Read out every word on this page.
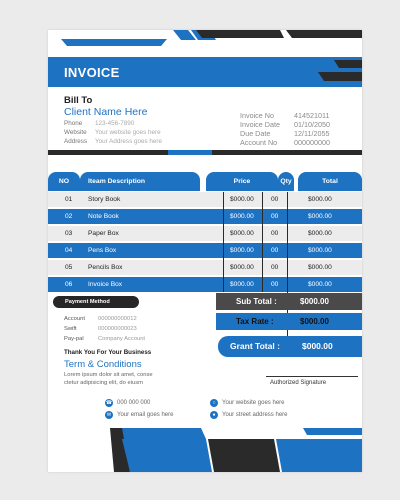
INVOICE
Bill To
Client Name Here
Phone 123-456-7890
Website Your website goes here
Address Your Address goes here
Invoice No	414521011
Invoice Date 01/10/2050
Due Date	12/11/2055
Account No 000000000
NO	Iteam Description	Price	Qty	Total
01 Story Book	$000.00	00	$000.00
02 Note Book	$000.00	00	$000.00
03 Paper Box	$000.00	00	$000.00
04 Pens Box	$000.00	00	$000.00
05 Pencils Box	$000.00	00	$000.00
06 Invoice Box	$000.00	00	$000.00
Payment Method
Account 000000000012
Swift	000000000023
Pay-pal Company Account
Thank You For Your Business
Term & Conditions
Lorem ipsum dolor sit amet, conse
ctetur adipisicing elit, do eiusm
Sub Total :	$000.00
Tax Rate :	$000.00
Grant Total :	$000.00
Authorized Signature
☎ 000 000 000
✉ Your email goes here
○	Your website goes here
●	Your street address here
